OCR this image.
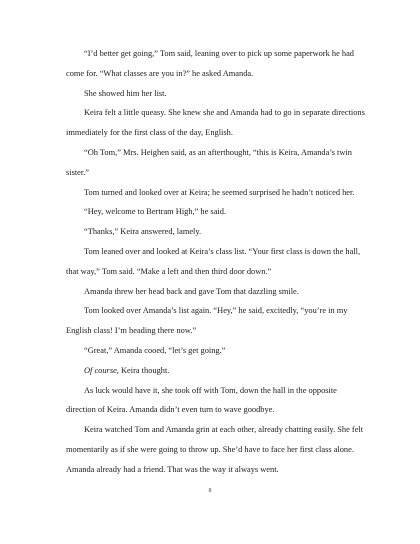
“I’d better get going,” Tom said, leaning over to pick up some paperwork he had come for. “What classes are you in?” he asked Amanda.

She showed him her list.

Keira felt a little queasy. She knew she and Amanda had to go in separate directions immediately for the first class of the day, English.

“Oh Tom,” Mrs. Heighen said, as an afterthought, “this is Keira, Amanda’s twin sister.”

Tom turned and looked over at Keira; he seemed surprised he hadn’t noticed her.

“Hey, welcome to Bertram High,” he said.

“Thanks,” Keira answered, lamely.

Tom leaned over and looked at Keira’s class list. “Your first class is down the hall, that way,” Tom said. “Make a left and then third door down.”

Amanda threw her head back and gave Tom that dazzling smile.

Tom looked over Amanda’s list again. “Hey,” he said, excitedly, “you’re in my English class! I’m heading there now.”

“Great,” Amanda cooed, “let’s get going.”

Of course, Keira thought.

As luck would have it, she took off with Tom, down the hall in the opposite direction of Keira. Amanda didn’t even turn to wave goodbye.

Keira watched Tom and Amanda grin at each other, already chatting easily. She felt momentarily as if she were going to throw up. She’d have to face her first class alone. Amanda already had a friend. That was the way it always went.

8
